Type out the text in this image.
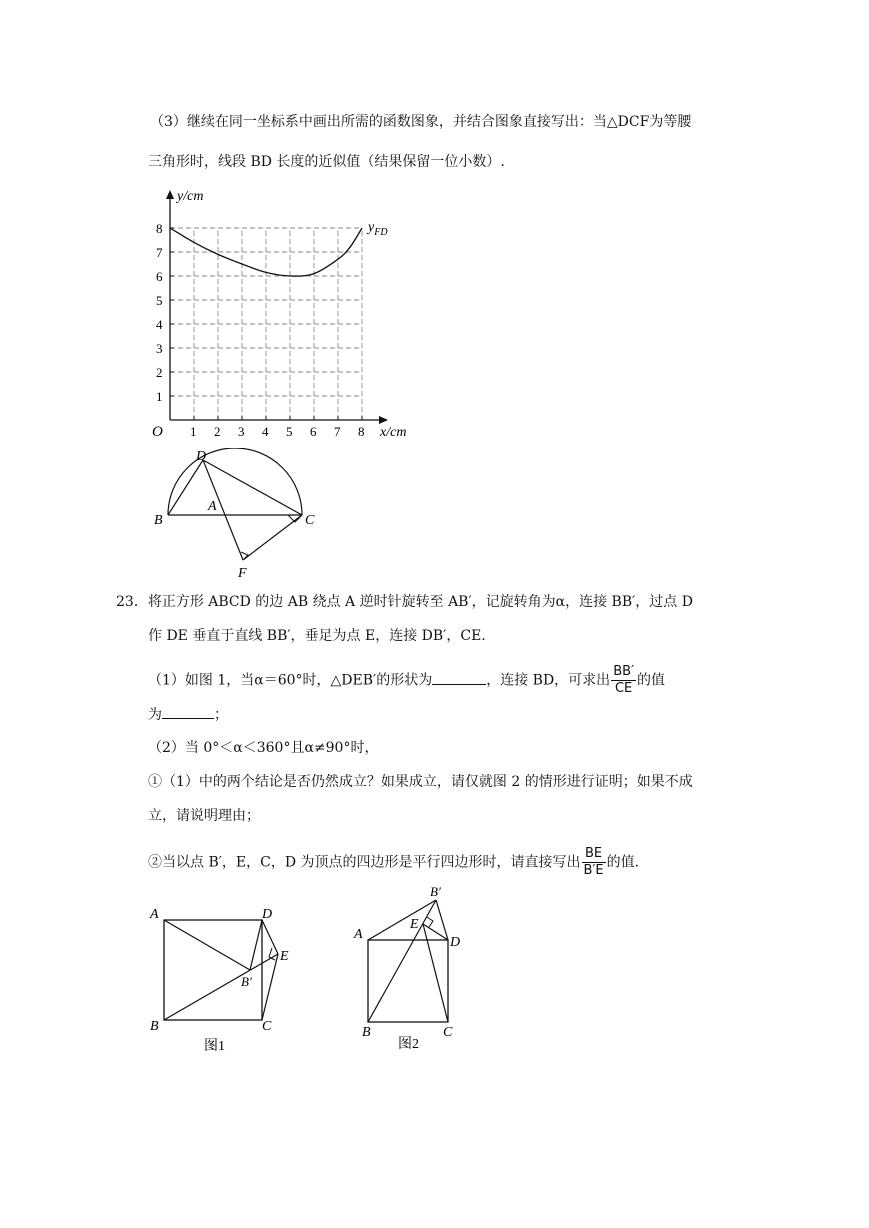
（3）继续在同一坐标系中画出所需的函数图象，并结合图象直接写出：当△DCF为等腰
三角形时，线段 BD 长度的近似值（结果保留一位小数）.
y/cm
x/cm
O 1 2 3 4 5 6 7 8
1
2
3
4
5
6
7
8	$y_{FD}$
D
A
B	C
F
23．将正方形 ABCD 的边 AB 绕点 A 逆时针旋转至 AB′，记旋转角为α，连接 BB′，过点 D
作 DE 垂直于直线 BB′，垂足为点 E，连接 DB′，CE.
（1）如图 1，当α＝60°时，△DEB′的形状为	，连接 BD，可求出 $\frac{BB'}{CE}$ 的值
为	；
（2）当 0°＜α＜360°且α≠90°时，
①（1）中的两个结论是否仍然成立？如果成立，请仅就图 2 的情形进行证明；如果不成
立，请说明理由；
②当以点 B′，E，C，D 为顶点的四边形是平行四边形时，请直接写出 $\frac{BE}{B'E}$ 的值.
A	D
E
B′
B	C
图1
B′
A
E
D
B	C
图2
